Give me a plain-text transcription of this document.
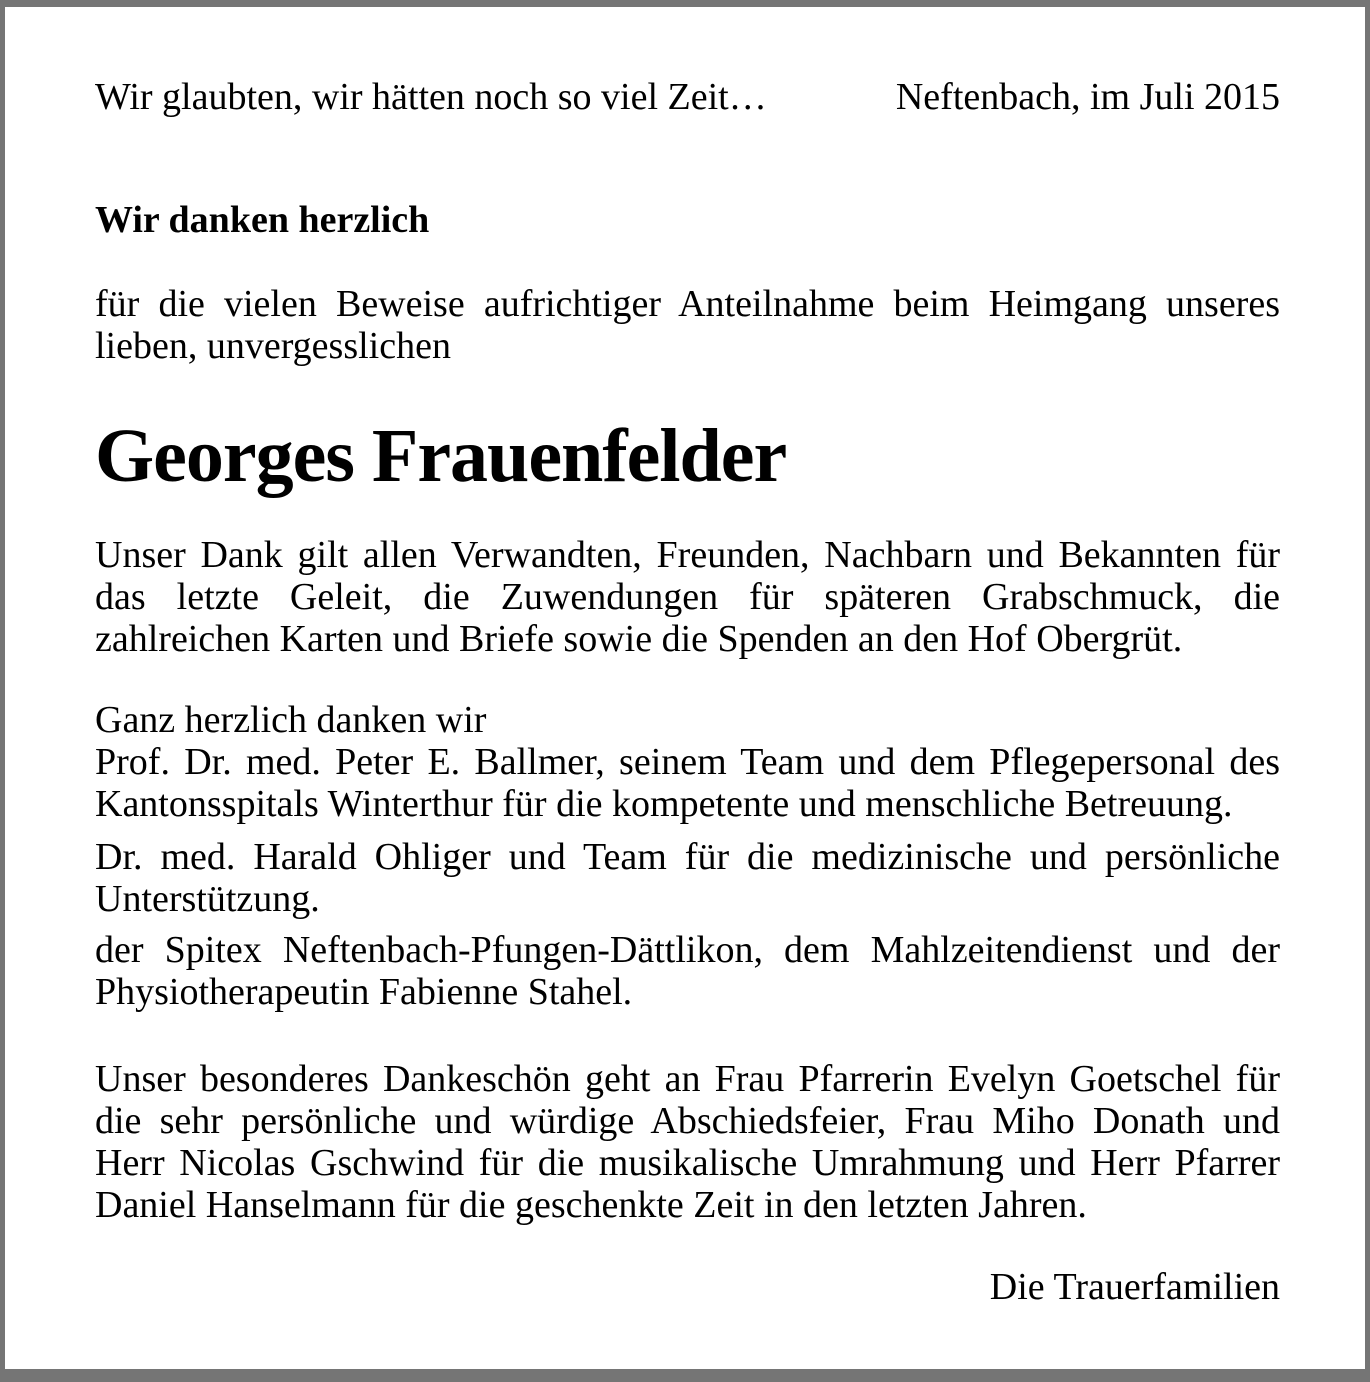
Wir glaubten, wir hätten noch so viel Zeit…	Neftenbach, im Juli 2015
Wir danken herzlich
für die vielen Beweise aufrichtiger Anteilnahme beim Heimgang unseres
lieben, unvergesslichen
Georges Frauenfelder
Unser Dank gilt allen Verwandten, Freunden, Nachbarn und Bekannten für
das letzte Geleit, die Zuwendungen für späteren Grabschmuck, die
zahlreichen Karten und Briefe sowie die Spenden an den Hof Obergrüt.
Ganz herzlich danken wir
Prof. Dr. med. Peter E. Ballmer, seinem Team und dem Pflegepersonal des
Kantonsspitals Winterthur für die kompetente und menschliche Betreuung.
Dr. med. Harald Ohliger und Team für die medizinische und persönliche
Unterstützung.
der Spitex Neftenbach-Pfungen-Dättlikon, dem Mahlzeitendienst und der
Physiotherapeutin Fabienne Stahel.
Unser besonderes Dankeschön geht an Frau Pfarrerin Evelyn Goetschel für
die sehr persönliche und würdige Abschiedsfeier, Frau Miho Donath und
Herr Nicolas Gschwind für die musikalische Umrahmung und Herr Pfarrer
Daniel Hanselmann für die geschenkte Zeit in den letzten Jahren.
Die Trauerfamilien
